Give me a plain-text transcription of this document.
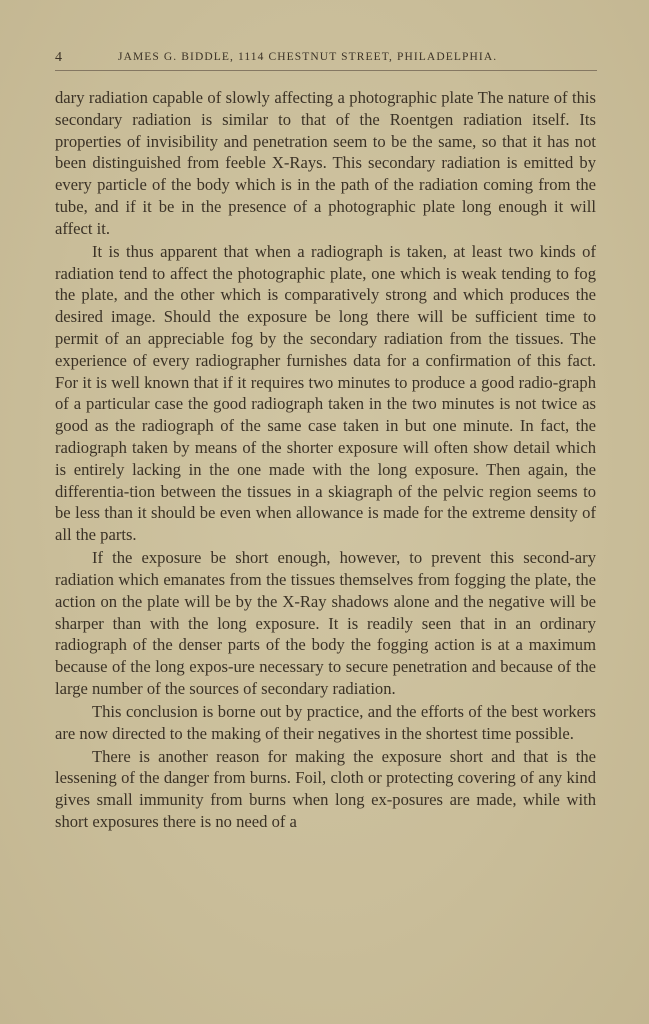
4	JAMES G. BIDDLE, 1114 CHESTNUT STREET, PHILADELPHIA.

dary radiation capable of slowly affecting a photographic plate The nature of this secondary radiation is similar to that of the Roentgen radiation itself. Its properties of invisibility and penetration seem to be the same, so that it has not been distinguished from feeble X-Rays. This secondary radiation is emitted by every particle of the body which is in the path of the radiation coming from the tube, and if it be in the presence of a photographic plate long enough it will affect it.

It is thus apparent that when a radiograph is taken, at least two kinds of radiation tend to affect the photographic plate, one which is weak tending to fog the plate, and the other which is comparatively strong and which produces the desired image. Should the exposure be long there will be sufficient time to permit of an appreciable fog by the secondary radiation from the tissues. The experience of every radiographer furnishes data for a confirmation of this fact. For it is well known that if it requires two minutes to produce a good radio-graph of a particular case the good radiograph taken in the two minutes is not twice as good as the radiograph of the same case taken in but one minute. In fact, the radiograph taken by means of the shorter exposure will often show detail which is entirely lacking in the one made with the long exposure. Then again, the differentia-tion between the tissues in a skiagraph of the pelvic region seems to be less than it should be even when allowance is made for the extreme density of all the parts.

If the exposure be short enough, however, to prevent this second-ary radiation which emanates from the tissues themselves from fogging the plate, the action on the plate will be by the X-Ray shadows alone and the negative will be sharper than with the long exposure. It is readily seen that in an ordinary radiograph of the denser parts of the body the fogging action is at a maximum because of the long expos-ure necessary to secure penetration and because of the large number of the sources of secondary radiation.

This conclusion is borne out by practice, and the efforts of the best workers are now directed to the making of their negatives in the shortest time possible.

There is another reason for making the exposure short and that is the lessening of the danger from burns. Foil, cloth or protecting covering of any kind gives small immunity from burns when long ex-posures are made, while with short exposures there is no need of a
